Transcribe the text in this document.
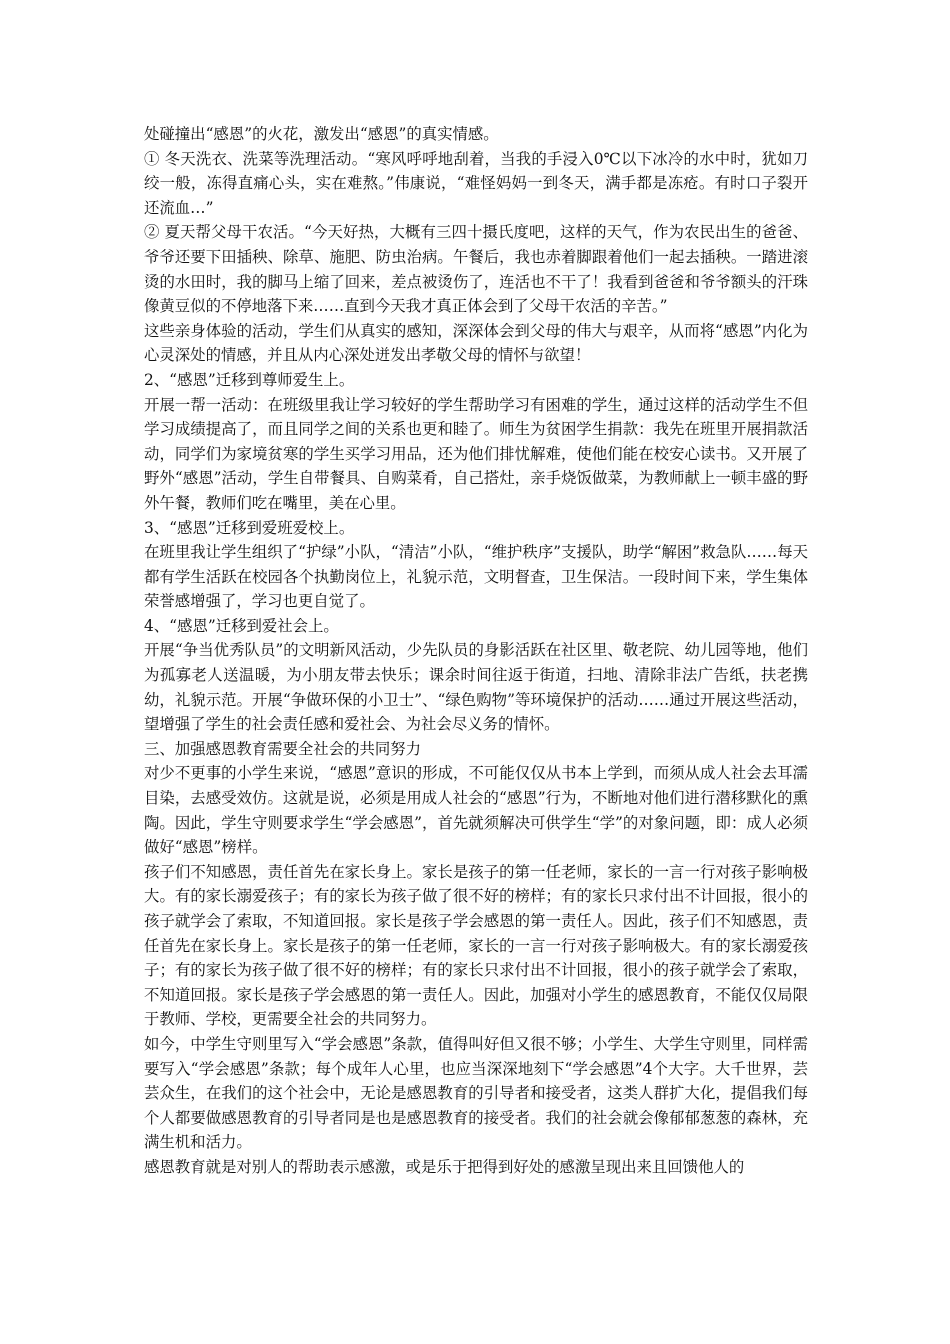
处碰撞出“感恩”的火花，激发出“感恩”的真实情感。

① 冬天洗衣、洗菜等洗理活动。“寒风呼呼地刮着，当我的手浸入0℃以下冰冷的水中时，犹如刀绞一般，冻得直痛心头，实在难熬。”伟康说，“难怪妈妈一到冬天，满手都是冻疮。有时口子裂开还流血…”

② 夏天帮父母干农活。“今天好热，大概有三四十摄氏度吧，这样的天气，作为农民出生的爸爸、爷爷还要下田插秧、除草、施肥、防虫治病。午餐后，我也赤着脚跟着他们一起去插秧。一踏进滚烫的水田时，我的脚马上缩了回来，差点被烫伤了，连活也不干了！我看到爸爸和爷爷额头的汗珠像黄豆似的不停地落下来……直到今天我才真正体会到了父母干农活的辛苦。”

这些亲身体验的活动，学生们从真实的感知，深深体会到父母的伟大与艰辛，从而将“感恩”内化为心灵深处的情感，并且从内心深处迸发出孝敬父母的情怀与欲望！

2、“感恩”迁移到尊师爱生上。

开展一帮一活动：在班级里我让学习较好的学生帮助学习有困难的学生，通过这样的活动学生不但学习成绩提高了，而且同学之间的关系也更和睦了。师生为贫困学生捐款：我先在班里开展捐款活动，同学们为家境贫寒的学生买学习用品，还为他们排忧解难，使他们能在校安心读书。又开展了野外“感恩”活动，学生自带餐具、自购菜肴，自己搭灶，亲手烧饭做菜，为教师献上一顿丰盛的野外午餐，教师们吃在嘴里，美在心里。

3、“感恩”迁移到爱班爱校上。

在班里我让学生组织了“护绿”小队，“清洁”小队，“维护秩序”支援队，助学“解困”救急队……每天都有学生活跃在校园各个执勤岗位上，礼貌示范，文明督查，卫生保洁。一段时间下来，学生集体荣誉感增强了，学习也更自觉了。

4、“感恩”迁移到爱社会上。

开展“争当优秀队员”的文明新风活动，少先队员的身影活跃在社区里、敬老院、幼儿园等地，他们为孤寡老人送温暖，为小朋友带去快乐；课余时间往返于街道，扫地、清除非法广告纸，扶老携幼，礼貌示范。开展“争做环保的小卫士”、“绿色购物”等环境保护的活动……通过开展这些活动，望增强了学生的社会责任感和爱社会、为社会尽义务的情怀。

三、加强感恩教育需要全社会的共同努力

对少不更事的小学生来说，“感恩”意识的形成，不可能仅仅从书本上学到，而须从成人社会去耳濡目染，去感受效仿。这就是说，必须是用成人社会的“感恩”行为，不断地对他们进行潜移默化的熏陶。因此，学生守则要求学生“学会感恩”，首先就须解决可供学生“学”的对象问题，即：成人必须做好“感恩”榜样。

孩子们不知感恩，责任首先在家长身上。家长是孩子的第一任老师，家长的一言一行对孩子影响极大。有的家长溺爱孩子；有的家长为孩子做了很不好的榜样；有的家长只求付出不计回报，很小的孩子就学会了索取，不知道回报。家长是孩子学会感恩的第一责任人。因此，孩子们不知感恩，责任首先在家长身上。家长是孩子的第一任老师，家长的一言一行对孩子影响极大。有的家长溺爱孩子；有的家长为孩子做了很不好的榜样；有的家长只求付出不计回报，很小的孩子就学会了索取，不知道回报。家长是孩子学会感恩的第一责任人。因此，加强对小学生的感恩教育，不能仅仅局限于教师、学校，更需要全社会的共同努力。

如今，中学生守则里写入“学会感恩”条款，值得叫好但又很不够；小学生、大学生守则里，同样需要写入“学会感恩”条款；每个成年人心里，也应当深深地刻下“学会感恩”4个大字。大千世界，芸芸众生，在我们的这个社会中，无论是感恩教育的引导者和接受者，这类人群扩大化，提倡我们每个人都要做感恩教育的引导者同是也是感恩教育的接受者。我们的社会就会像郁郁葱葱的森林，充满生机和活力。

感恩教育就是对别人的帮助表示感激，或是乐于把得到好处的感激呈现出来且回馈他人的
